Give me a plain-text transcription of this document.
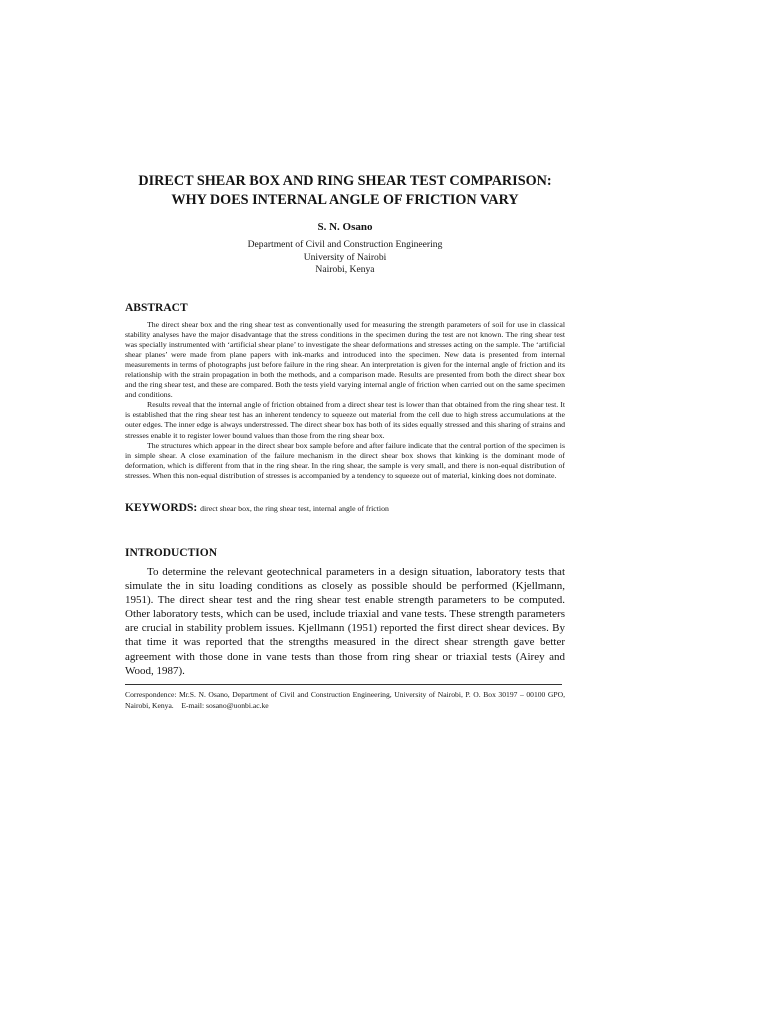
DIRECT SHEAR BOX AND RING SHEAR TEST COMPARISON:
WHY DOES INTERNAL ANGLE OF FRICTION VARY
S. N. Osano
Department of Civil and Construction Engineering
University of Nairobi
Nairobi, Kenya
ABSTRACT

The direct shear box and the ring shear test as conventionally used for measuring the strength parameters of soil for use in classical stability analyses have the major disadvantage that the stress conditions in the specimen during the test are not known. The ring shear test was specially instrumented with ‘artificial shear plane’ to investigate the shear deformations and stresses acting on the sample. The ‘artificial shear planes’ were made from plane papers with ink-marks and introduced into the specimen. New data is presented from internal measurements in terms of photographs just before failure in the ring shear. An interpretation is given for the internal angle of friction and its relationship with the strain propagation in both the methods, and a comparison made. Results are presented from both the direct shear box and the ring shear test, and these are compared. Both the tests yield varying internal angle of friction when carried out on the same specimen and conditions.

Results reveal that the internal angle of friction obtained from a direct shear test is lower than that obtained from the ring shear test. It is established that the ring shear test has an inherent tendency to squeeze out material from the cell due to high stress accumulations at the outer edges. The inner edge is always understressed. The direct shear box has both of its sides equally stressed and this sharing of strains and stresses enable it to register lower bound values than those from the ring shear box.

The structures which appear in the direct shear box sample before and after failure indicate that the central portion of the specimen is in simple shear. A close examination of the failure mechanism in the direct shear box shows that kinking is the dominant mode of deformation, which is different from that in the ring shear. In the ring shear, the sample is very small, and there is non-equal distribution of stresses. When this non-equal distribution of stresses is accompanied by a tendency to squeeze out of material, kinking does not dominate.

KEYWORDS: direct shear box, the ring shear test, internal angle of friction
INTRODUCTION

To determine the relevant geotechnical parameters in a design situation, laboratory tests that simulate the in situ loading conditions as closely as possible should be performed (Kjellmann, 1951). The direct shear test and the ring shear test enable strength parameters to be computed. Other laboratory tests, which can be used, include triaxial and vane tests. These strength parameters are crucial in stability problem issues. Kjellmann (1951) reported the first direct shear devices. By that time it was reported that the strengths measured in the direct shear strength gave better agreement with those done in vane tests than those from ring shear or triaxial tests (Airey and Wood, 1987).

Correspondence: Mr.S. N. Osano, Department of Civil and Construction Engineering, University of Nairobi, P. O. Box 30197 – 00100 GPO, Nairobi, Kenya. E-mail: sosano@uonbi.ac.ke
